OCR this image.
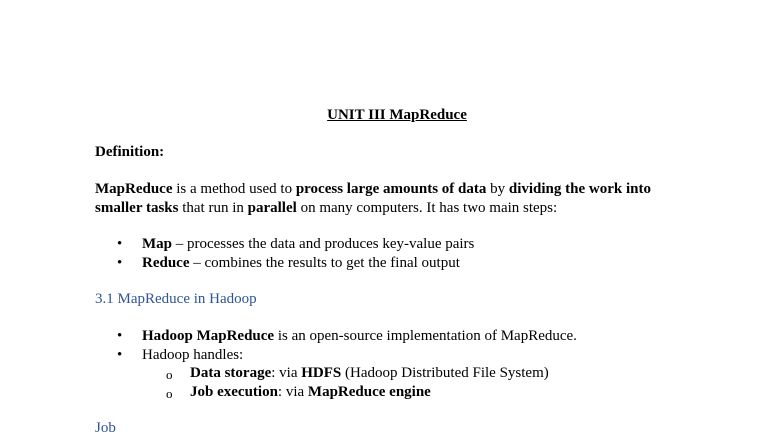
UNIT III MapReduce
Definition:
MapReduce is a method used to process large amounts of data by dividing the work into
smaller tasks that run in parallel on many computers. It has two main steps:
• Map – processes the data and produces key-value pairs
• Reduce – combines the results to get the final output
3.1 MapReduce in Hadoop
• Hadoop MapReduce is an open-source implementation of MapReduce.
• Hadoop handles:
o Data storage: via HDFS (Hadoop Distributed File System)
o Job execution: via MapReduce engine
Job
